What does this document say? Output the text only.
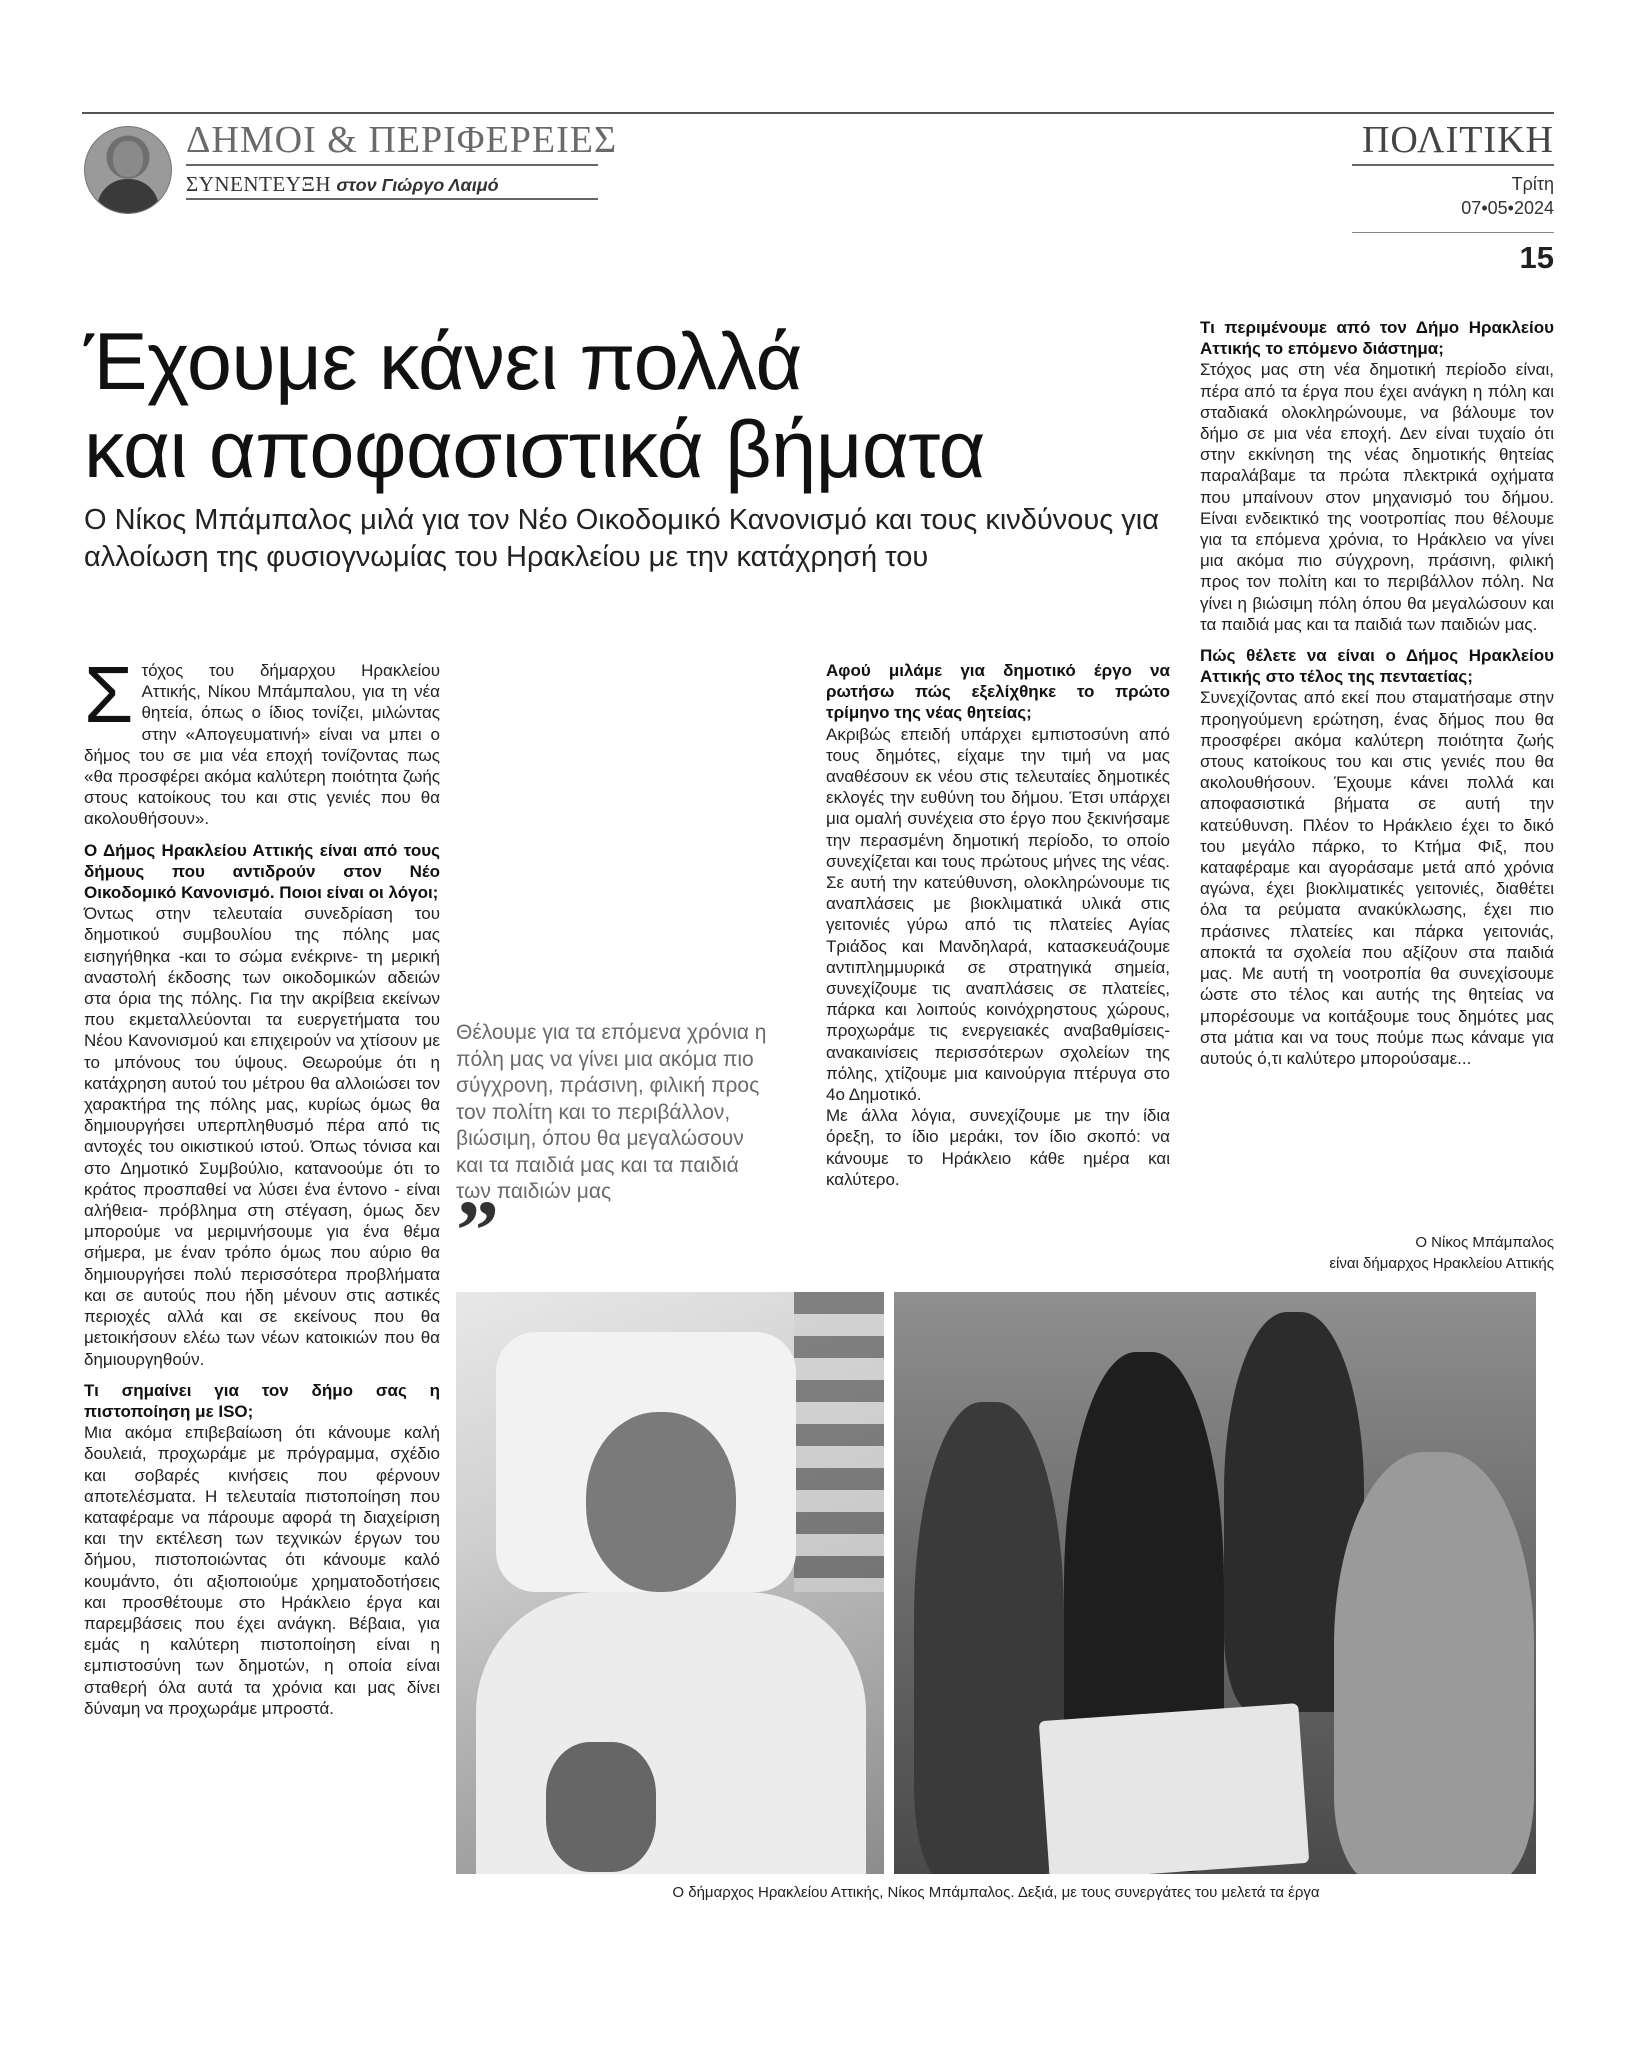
ΔΗΜΟΙ & ΠΕΡΙΦΕΡΕΙΕΣ
ΣΥΝΕΝΤΕΥΞΗ στον Γιώργο Λαιμό
ΠΟΛΙΤΙΚΗ
Τρίτη
07•05•2024
15
Έχουμε κάνει πολλά
και αποφασιστικά βήματα
Ο Νίκος Μπάμπαλος μιλά για τον Νέο Οικοδομικό Κανονισμό και τους κινδύνους για αλλοίωση της φυσιογνωμίας του Ηρακλείου με την κατάχρησή του

Στόχος του δήμαρχου Ηρακλείου Αττικής, Νίκου Μπάμπαλου, για τη νέα θητεία, όπως ο ίδιος τονίζει, μιλώντας στην «Απογευματινή» είναι να μπει ο δήμος του σε μια νέα εποχή τονίζοντας πως «θα προσφέρει ακόμα καλύτερη ποιότητα ζωής στους κατοίκους του και στις γενιές που θα ακολουθήσουν».

Ο Δήμος Ηρακλείου Αττικής είναι από τους δήμους που αντιδρούν στον Νέο Οικοδομικό Κανονισμό. Ποιοι είναι οι λόγοι;

Όντως στην τελευταία συνεδρίαση του δημοτικού συμβουλίου της πόλης μας εισηγήθηκα -και το σώμα ενέκρινε- τη μερική αναστολή έκδοσης των οικοδομικών αδειών στα όρια της πόλης. Για την ακρίβεια εκείνων που εκμεταλλεύονται τα ευεργετήματα του Νέου Κανονισμού και επιχειρούν να χτίσουν με το μπόνους του ύψους. Θεωρούμε ότι η κατάχρηση αυτού του μέτρου θα αλλοιώσει τον χαρακτήρα της πόλης μας, κυρίως όμως θα δημιουργήσει υπερπληθυσμό πέρα από τις αντοχές του οικιστικού ιστού. Όπως τόνισα και στο Δημοτικό Συμβούλιο, κατανοούμε ότι το κράτος προσπαθεί να λύσει ένα έντονο - είναι αλήθεια- πρόβλημα στη στέγαση, όμως δεν μπορούμε να μεριμνήσουμε για ένα θέμα σήμερα, με έναν τρόπο όμως που αύριο θα δημιουργήσει πολύ περισσότερα προβλήματα και σε αυτούς που ήδη μένουν στις αστικές περιοχές αλλά και σε εκείνους που θα μετοικήσουν ελέω των νέων κατοικιών που θα δημιουργηθούν.

Τι σημαίνει για τον δήμο σας η πιστοποίηση με ISO;

Μια ακόμα επιβεβαίωση ότι κάνουμε καλή δουλειά, προχωράμε με πρόγραμμα, σχέδιο και σοβαρές κινήσεις που φέρνουν αποτελέσματα. Η τελευταία πιστοποίηση που καταφέραμε να πάρουμε αφορά τη διαχείριση και την εκτέλεση των τεχνικών έργων του δήμου, πιστοποιώντας ότι κάνουμε καλό κουμάντο, ότι αξιοποιούμε χρηματοδοτήσεις και προσθέτουμε στο Ηράκλειο έργα και παρεμβάσεις που έχει ανάγκη. Βέβαια, για εμάς η καλύτερη πιστοποίηση είναι η εμπιστοσύνη των δημοτών, η οποία είναι σταθερή όλα αυτά τα χρόνια και μας δίνει δύναμη να προχωράμε μπροστά.

Θέλουμε για τα επόμενα χρόνια η πόλη μας να γίνει μια ακόμα πιο σύγχρονη, πράσινη, φιλική προς τον πολίτη και το περιβάλλον, βιώσιμη, όπου θα μεγαλώσουν και τα παιδιά μας και τα παιδιά των παιδιών μας
”

Αφού μιλάμε για δημοτικό έργο να ρωτήσω πώς εξελίχθηκε το πρώτο τρίμηνο της νέας θητείας;

Ακριβώς επειδή υπάρχει εμπιστοσύνη από τους δημότες, είχαμε την τιμή να μας αναθέσουν εκ νέου στις τελευταίες δημοτικές εκλογές την ευθύνη του δήμου. Έτσι υπάρχει μια ομαλή συνέχεια στο έργο που ξεκινήσαμε την περασμένη δημοτική περίοδο, το οποίο συνεχίζεται και τους πρώτους μήνες της νέας. Σε αυτή την κατεύθυνση, ολοκληρώνουμε τις αναπλάσεις με βιοκλιματικά υλικά στις γειτονιές γύρω από τις πλατείες Αγίας Τριάδος και Μανδηλαρά, κατασκευάζουμε αντιπλημμυρικά σε στρατηγικά σημεία, συνεχίζουμε τις αναπλάσεις σε πλατείες, πάρκα και λοιπούς κοινόχρηστους χώρους, προχωράμε τις ενεργειακές αναβαθμίσεις-ανακαινίσεις περισσότερων σχολείων της πόλης, χτίζουμε μια καινούργια πτέρυγα στο 4ο Δημοτικό.

Με άλλα λόγια, συνεχίζουμε με την ίδια όρεξη, το ίδιο μεράκι, τον ίδιο σκοπό: να κάνουμε το Ηράκλειο κάθε ημέρα και καλύτερο.

Τι περιμένουμε από τον Δήμο Ηρακλείου Αττικής το επόμενο διάστημα;

Στόχος μας στη νέα δημοτική περίοδο είναι, πέρα από τα έργα που έχει ανάγκη η πόλη και σταδιακά ολοκληρώνουμε, να βάλουμε τον δήμο σε μια νέα εποχή. Δεν είναι τυχαίο ότι στην εκκίνηση της νέας δημοτικής θητείας παραλάβαμε τα πρώτα πλεκτρικά οχήματα που μπαίνουν στον μηχανισμό του δήμου. Είναι ενδεικτικό της νοοτροπίας που θέλουμε για τα επόμενα χρόνια, το Ηράκλειο να γίνει μια ακόμα πιο σύγχρονη, πράσινη, φιλική προς τον πολίτη και το περιβάλλον πόλη. Να γίνει η βιώσιμη πόλη όπου θα μεγαλώσουν και τα παιδιά μας και τα παιδιά των παιδιών μας.

Πώς θέλετε να είναι ο Δήμος Ηρακλείου Αττικής στο τέλος της πενταετίας;

Συνεχίζοντας από εκεί που σταματήσαμε στην προηγούμενη ερώτηση, ένας δήμος που θα προσφέρει ακόμα καλύτερη ποιότητα ζωής στους κατοίκους του και στις γενιές που θα ακολουθήσουν. Έχουμε κάνει πολλά και αποφασιστικά βήματα σε αυτή την κατεύθυνση. Πλέον το Ηράκλειο έχει το δικό του μεγάλο πάρκο, το Κτήμα Φιξ, που καταφέραμε και αγοράσαμε μετά από χρόνια αγώνα, έχει βιοκλιματικές γειτονιές, διαθέτει όλα τα ρεύματα ανακύκλωσης, έχει πιο πράσινες πλατείες και πάρκα γειτονιάς, αποκτά τα σχολεία που αξίζουν στα παιδιά μας. Με αυτή τη νοοτροπία θα συνεχίσουμε ώστε στο τέλος και αυτής της θητείας να μπορέσουμε να κοιτάξουμε τους δημότες μας στα μάτια και να τους πούμε πως κάναμε για αυτούς ό,τι καλύτερο μπορούσαμε...

Ο Νίκος Μπάμπαλος
είναι δήμαρχος Ηρακλείου Αττικής
Ο δήμαρχος Ηρακλείου Αττικής, Νίκος Μπάμπαλος. Δεξιά, με τους συνεργάτες του μελετά τα έργα
